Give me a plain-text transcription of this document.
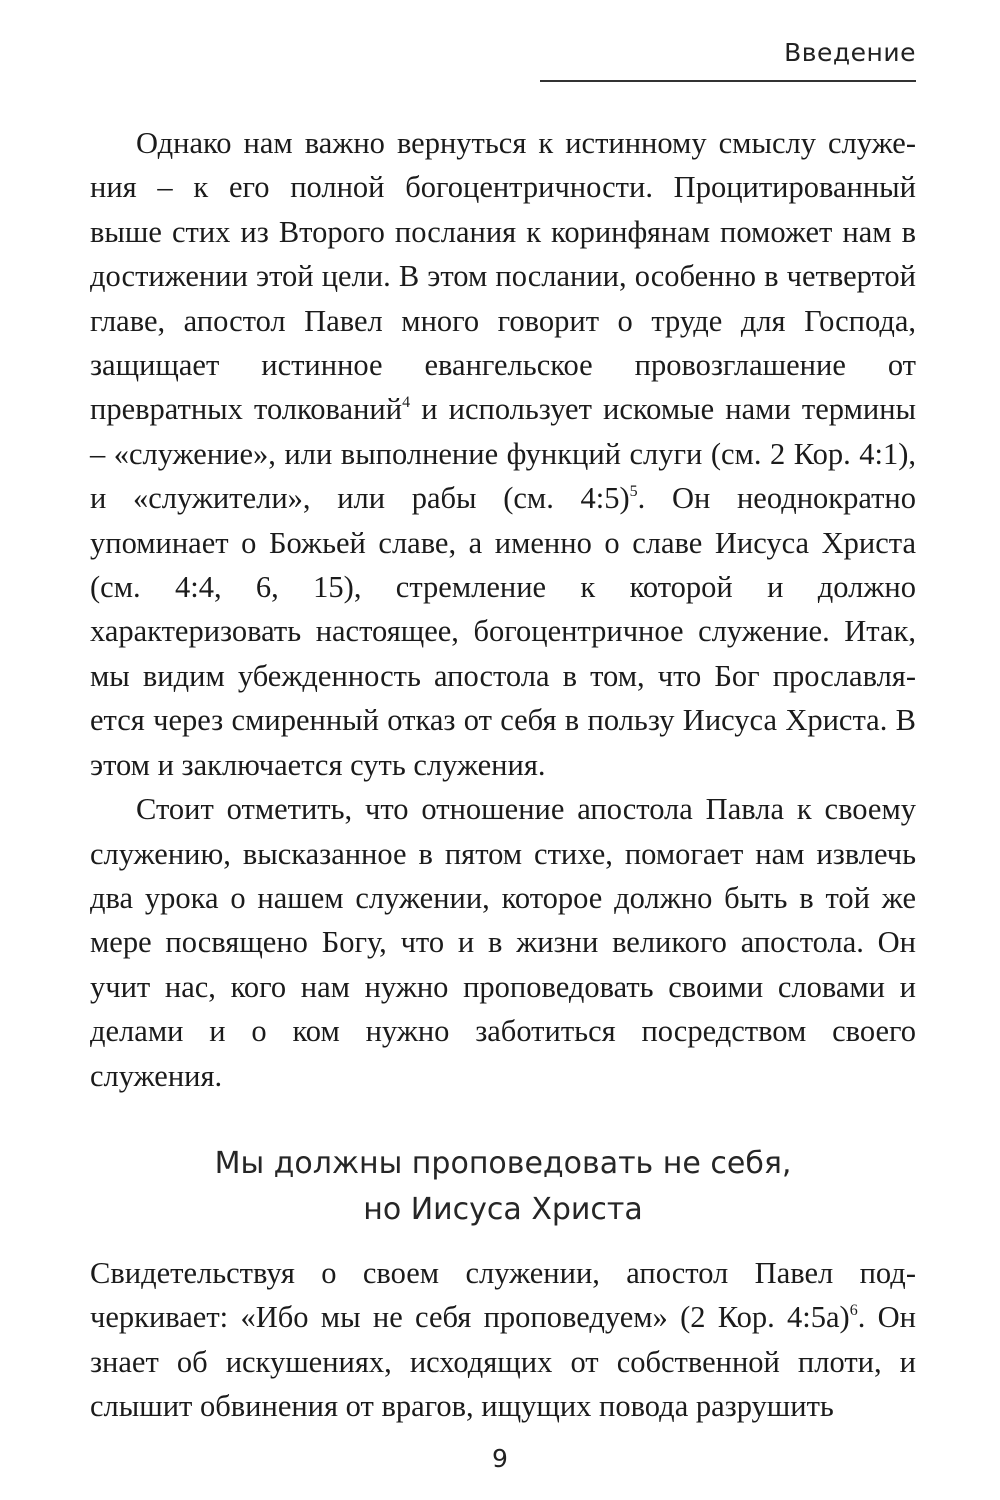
Введение

Однако нам важно вернуться к истинному смыслу служения – к его полной богоцентричности. Процитированный выше стих из Второго послания к коринфянам поможет нам в достижении этой цели. В этом послании, особенно в четвертой главе, апостол Павел много говорит о труде для Господа, защищает истинное евангельское провозглашение от превратных толкований$^4$ и использует искомые нами термины – «служение», или выполнение функций слуги (см. 2 Кор. 4:1), и «служители», или рабы (см. 4:5)$^5$. Он неоднократно упоминает о Божьей славе, а именно о славе Иисуса Христа (см. 4:4, 6, 15), стремление к которой и должно характеризовать настоящее, богоцентричное служение. Итак, мы видим убежденность апостола в том, что Бог прославляется через смиренный отказ от себя в пользу Иисуса Христа. В этом и заключается суть служения.

Стоит отметить, что отношение апостола Павла к своему служению, высказанное в пятом стихе, помогает нам извлечь два урока о нашем служении, которое должно быть в той же мере посвящено Богу, что и в жизни великого апостола. Он учит нас, кого нам нужно проповедовать своими словами и делами и о ком нужно заботиться посредством своего служения.

Мы должны проповедовать не себя,
но Иисуса Христа

Свидетельствуя о своем служении, апостол Павел подчеркивает: «Ибо мы не себя проповедуем» (2 Кор. 4:5а)$^6$. Он знает об искушениях, исходящих от собственной плоти, и слышит обвинения от врагов, ищущих повода разрушить

9
